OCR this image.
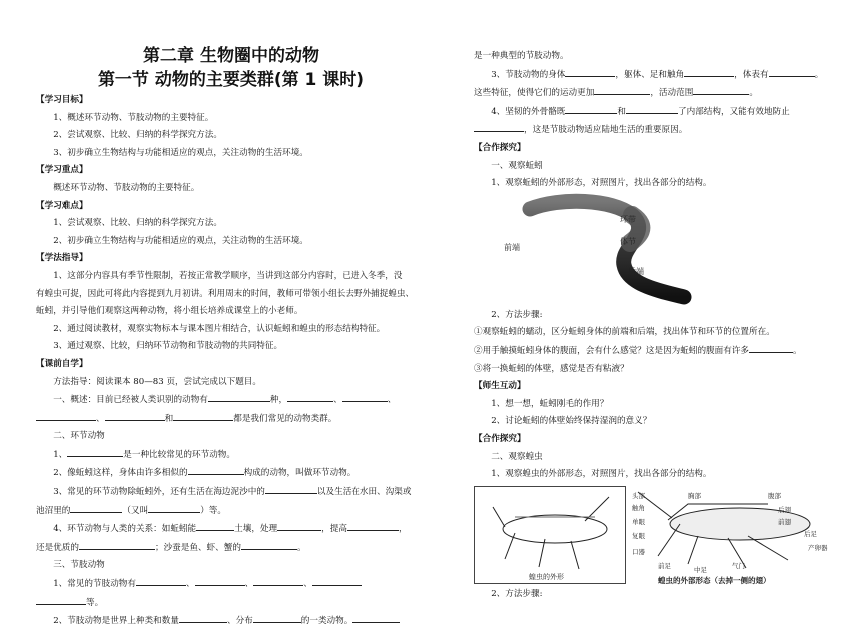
第二章 生物圈中的动物
第一节 动物的主要类群(第 1 课时)

【学习目标】

1、概述环节动物、节肢动物的主要特征。

2、尝试观察、比较、归纳的科学探究方法。

3、初步确立生物结构与功能相适应的观点，关注动物的生活环境。

【学习重点】

概述环节动物、节肢动物的主要特征。

【学习难点】

1、尝试观察、比较、归纳的科学探究方法。

2、初步确立生物结构与功能相适应的观点，关注动物的生活环境。

【学法指导】

1、这部分内容具有季节性限制，若按正常教学顺序，当讲到这部分内容时，已进入冬季，没

有蝗虫可捉，因此可将此内容提到九月初讲。利用周末的时间，教师可带领小组长去野外捕捉蝗虫、

蚯蚓，并引导他们观察这两种动物，将小组长培养成课堂上的小老师。

2、通过阅读教材，观察实物标本与课本图片相结合，认识蚯蚓和蝗虫的形态结构特征。

3、通过观察、比较，归纳环节动物和节肢动物的共同特征。

【课前自学】

方法指导：阅读课本 80—83 页，尝试完成以下题目。

一、概述：目前已经被人类识别的动物有	种，	、	、

、	和	都是我们常见的动物类群。

二、环节动物

1、	是一种比较常见的环节动物。

2、像蚯蚓这样，身体由许多相似的	构成的动物，叫做环节动物。

3、常见的环节动物除蚯蚓外，还有生活在海边泥沙中的	以及生活在水田、沟渠或

池沼里的	（又叫	）等。

4、环节动物与人类的关系：如蚯蚓能	土壤，处理	，提高	，

还是优质的	；沙蚕是鱼、虾、蟹的	。

三、节肢动物

1、常见的节肢动物有	、	、	、

等。

2、节肢动物是世界上种类和数量	、分布	的一类动物。

是一种典型的节肢动物。

3、节肢动物的身体	，躯体、足和触角	，体表有	。

这些特征，使得它们的运动更加	，活动范围	。

4、坚韧的外骨骼既	和	了内部结构，又能有效地防止

，这是节肢动物适应陆地生活的重要原因。

【合作探究】

一、观察蚯蚓

1、观察蚯蚓的外部形态，对照图片，找出各部分的结构。

前端
环带
体节
后端

2、方法步骤:

①观察蚯蚓的蠕动，区分蚯蚓身体的前端和后端，找出体节和环节的位置所在。

②用手触摸蚯蚓身体的腹面，会有什么感觉？这是因为蚯蚓的腹面有许多	。

③将一换蚯蚓的体壁，感觉是否有粘液？

【师生互动】

1、想一想，蚯蚓刚毛的作用？

2、讨论蚯蚓的体壁始终保持湿润的意义？

【合作探究】

二、观察蝗虫

1、观察蝗虫的外部形态，对照图片，找出各部分的结构。

蝗虫的外形
头部
触角
胸部	腹部
单眼
复眼
后翅
前翅
后足
气门
产卵器
中足
前足
口器
蝗虫的外部形态（去掉一侧的翅）

2、方法步骤:
